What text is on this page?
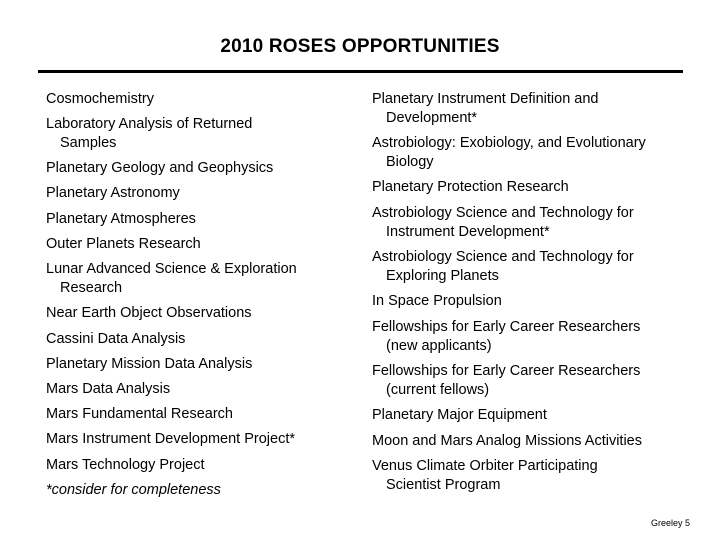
2010 ROSES OPPORTUNITIES
Cosmochemistry
Laboratory Analysis of Returned
Samples
Planetary Geology and Geophysics
Planetary Astronomy
Planetary Atmospheres
Outer Planets Research
Lunar Advanced Science & Exploration
Research
Near Earth Object Observations
Cassini Data Analysis
Planetary Mission Data Analysis
Mars Data Analysis
Mars Fundamental Research
Mars Instrument Development Project*
Mars Technology Project
*consider for completeness
Planetary Instrument Definition and
Development*
Astrobiology: Exobiology, and Evolutionary
Biology
Planetary Protection Research
Astrobiology Science and Technology for
Instrument Development*
Astrobiology Science and Technology for
Exploring Planets
In Space Propulsion
Fellowships for Early Career Researchers
(new applicants)
Fellowships for Early Career Researchers
(current fellows)
Planetary Major Equipment
Moon and Mars Analog Missions Activities
Venus Climate Orbiter Participating
Scientist Program
Greeley 5
